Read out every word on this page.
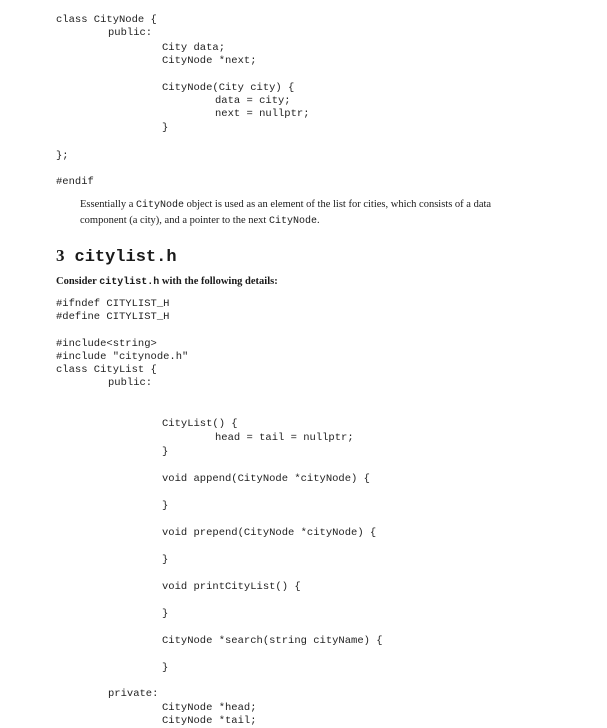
class CityNode {
public:
City data;
CityNode *next;
CityNode(City city) {
data = city;
next = nullptr;
}
};
#endif
Essentially a CityNode object is used as an element of the list for cities, which consists of a data
component (a city), and a pointer to the next CityNode.
3 citylist.h
Consider citylist.h with the following details:
#ifndef CITYLIST_H
#define CITYLIST_H
#include<string>
#include "citynode.h"
class CityList {
public:
CityList() {
head = tail = nullptr;
}
void append(CityNode *cityNode) {
}
void prepend(CityNode *cityNode) {
}
void printCityList() {
}
CityNode *search(string cityName) {
}
private:
CityNode *head;
CityNode *tail;
